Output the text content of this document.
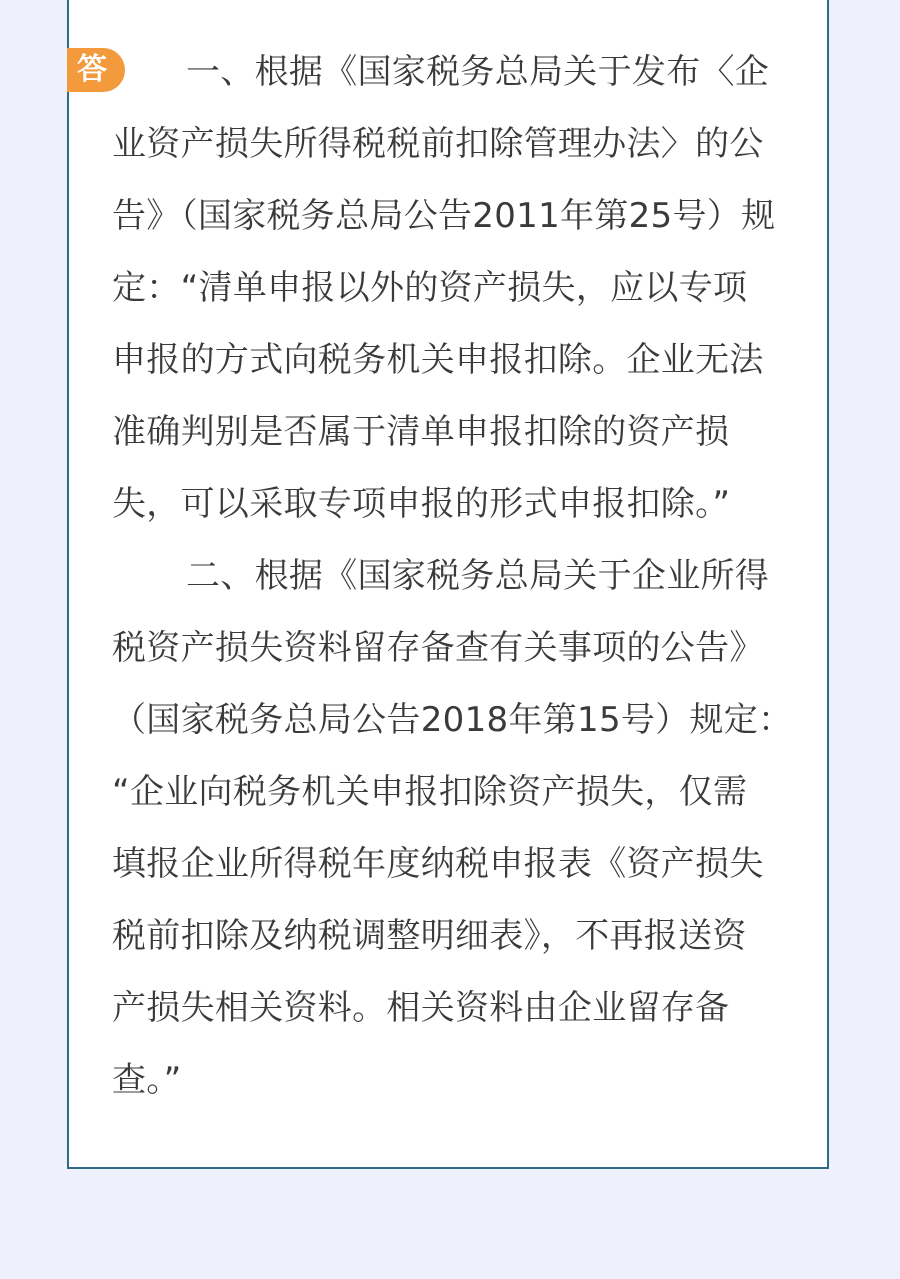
答	一、根据《国家税务总局关于发布〈企
业资产损失所得税税前扣除管理办法〉的公
告》（国家税务总局公告2011年第25号）规
定：“清单申报以外的资产损失，应以专项
申报的方式向税务机关申报扣除。企业无法
准确判别是否属于清单申报扣除的资产损
失，可以采取专项申报的形式申报扣除。”
二、根据《国家税务总局关于企业所得
税资产损失资料留存备查有关事项的公告》
（国家税务总局公告2018年第15号）规定：
“企业向税务机关申报扣除资产损失，仅需
填报企业所得税年度纳税申报表《资产损失
税前扣除及纳税调整明细表》，不再报送资
产损失相关资料。相关资料由企业留存备
查。”
